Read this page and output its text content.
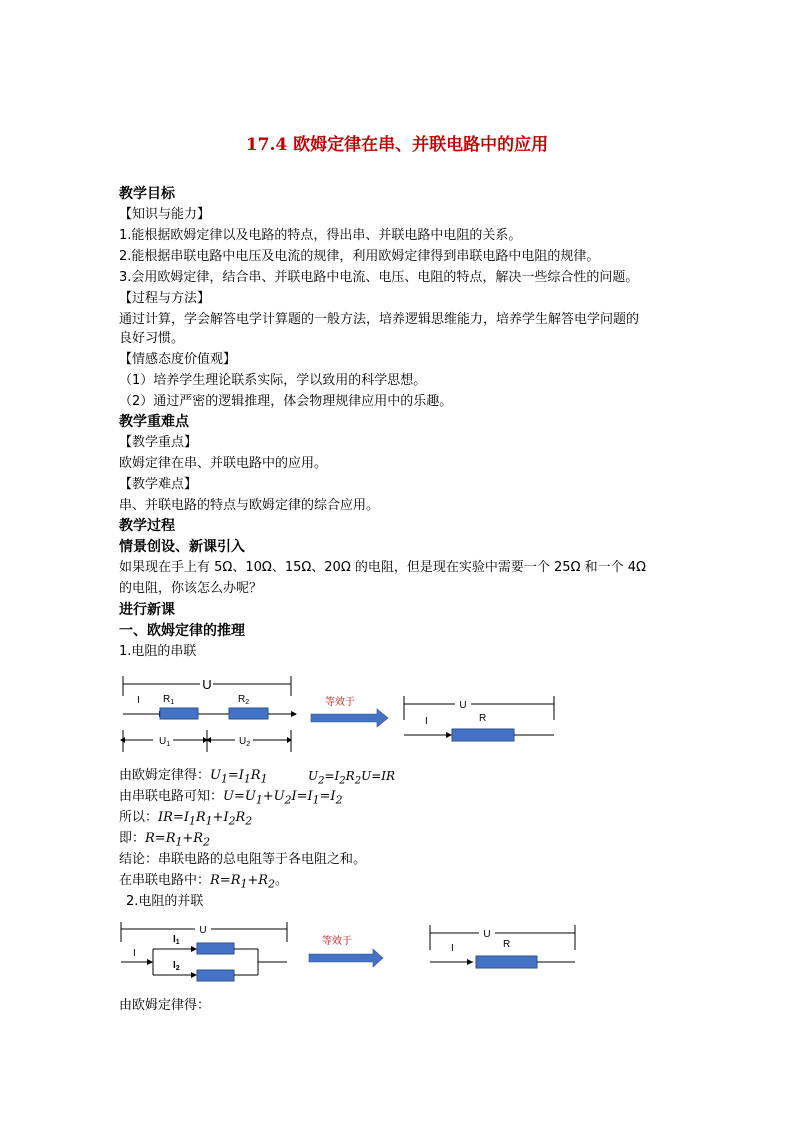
17.4 欧姆定律在串、并联电路中的应用
教学目标
【知识与能力】
1.能根据欧姆定律以及电路的特点，得出串、并联电路中电阻的关系。
2.能根据串联电路中电压及电流的规律，利用欧姆定律得到串联电路中电阻的规律。
3.会用欧姆定律，结合串、并联电路中电流、电压、电阻的特点，解决一些综合性的问题。
【过程与方法】
通过计算，学会解答电学计算题的一般方法，培养逻辑思维能力，培养学生解答电学问题的
良好习惯。
【情感态度价值观】
（1）培养学生理论联系实际，学以致用的科学思想。
（2）通过严密的逻辑推理，体会物理规律应用中的乐趣。
教学重难点
【教学重点】
欧姆定律在串、并联电路中的应用。
【教学难点】
串、并联电路的特点与欧姆定律的综合应用。
教学过程
情景创设、新课引入
如果现在手上有 5Ω、10Ω、15Ω、20Ω 的电阻，但是现在实验中需要一个 25Ω 和一个 4Ω
的电阻，你该怎么办呢？
进行新课
一、欧姆定律的推理
1.电阻的串联
U
I $R_1$	$R_2$
$U_1$	$U_2$
等效于	U
I	R
由欧姆定律得：$U_1=I_1R_1$	$U_2=I_2R_2U=IR$
由串联电路可知：$U=U_1+U_2I=I_1=I_2$
所以：$IR=I_1R_1+I_2R_2$
即：$R=R_1+R_2$
结论：串联电路的总电阻等于各电阻之和。
在串联电路中：$R=R_1+R_2$。
2.电阻的并联
U
I
$I_1$
$I_2$
等效于
U
I	R
由欧姆定律得：
